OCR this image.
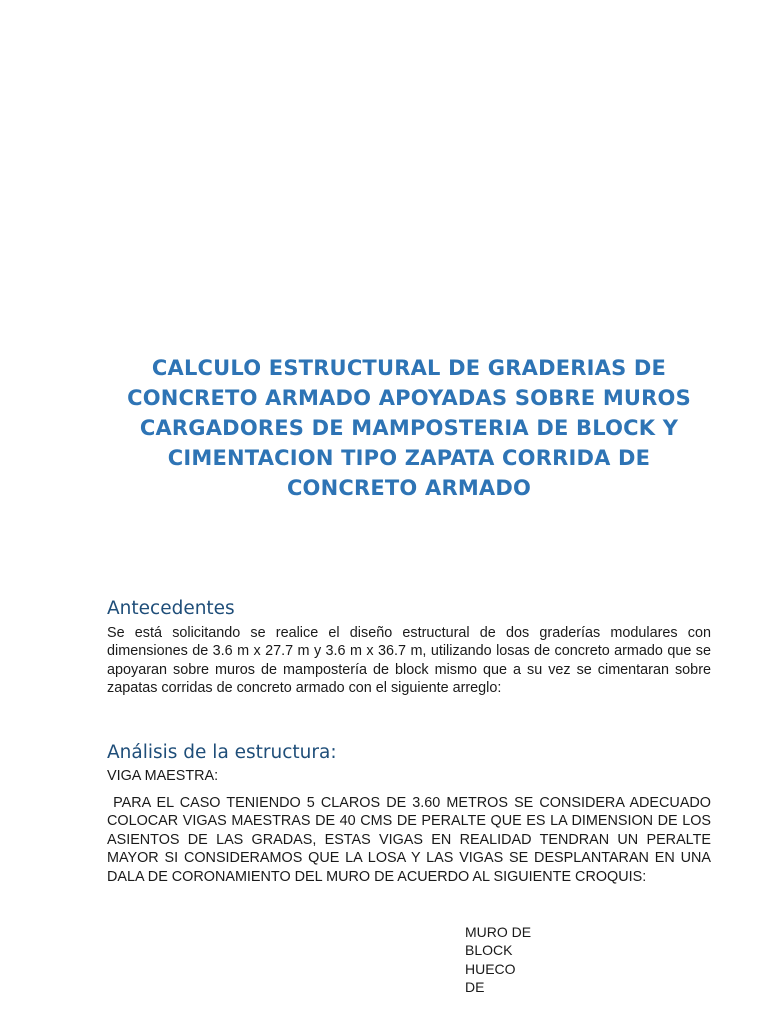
CALCULO ESTRUCTURAL DE GRADERIAS DE CONCRETO ARMADO APOYADAS SOBRE MUROS CARGADORES DE MAMPOSTERIA DE BLOCK Y CIMENTACION TIPO ZAPATA CORRIDA DE CONCRETO ARMADO
Antecedentes

Se está solicitando se realice el diseño estructural de dos graderías modulares con dimensiones de 3.6 m x 27.7 m y 3.6 m x 36.7 m, utilizando losas de concreto armado que se apoyaran sobre muros de mampostería de block mismo que a su vez se cimentaran sobre zapatas corridas de concreto armado con el siguiente arreglo:

Análisis de la estructura:

VIGA MAESTRA:

PARA EL CASO TENIENDO 5 CLAROS DE 3.60 METROS SE CONSIDERA ADECUADO COLOCAR VIGAS MAESTRAS DE 40 CMS DE PERALTE QUE ES LA DIMENSION DE LOS ASIENTOS DE LAS GRADAS, ESTAS VIGAS EN REALIDAD TENDRAN UN PERALTE MAYOR SI CONSIDERAMOS QUE LA LOSA Y LAS VIGAS SE DESPLANTARAN EN UNA DALA DE CORONAMIENTO DEL MURO DE ACUERDO AL SIGUIENTE CROQUIS:

MURO DE
BLOCK
HUECO
DE
